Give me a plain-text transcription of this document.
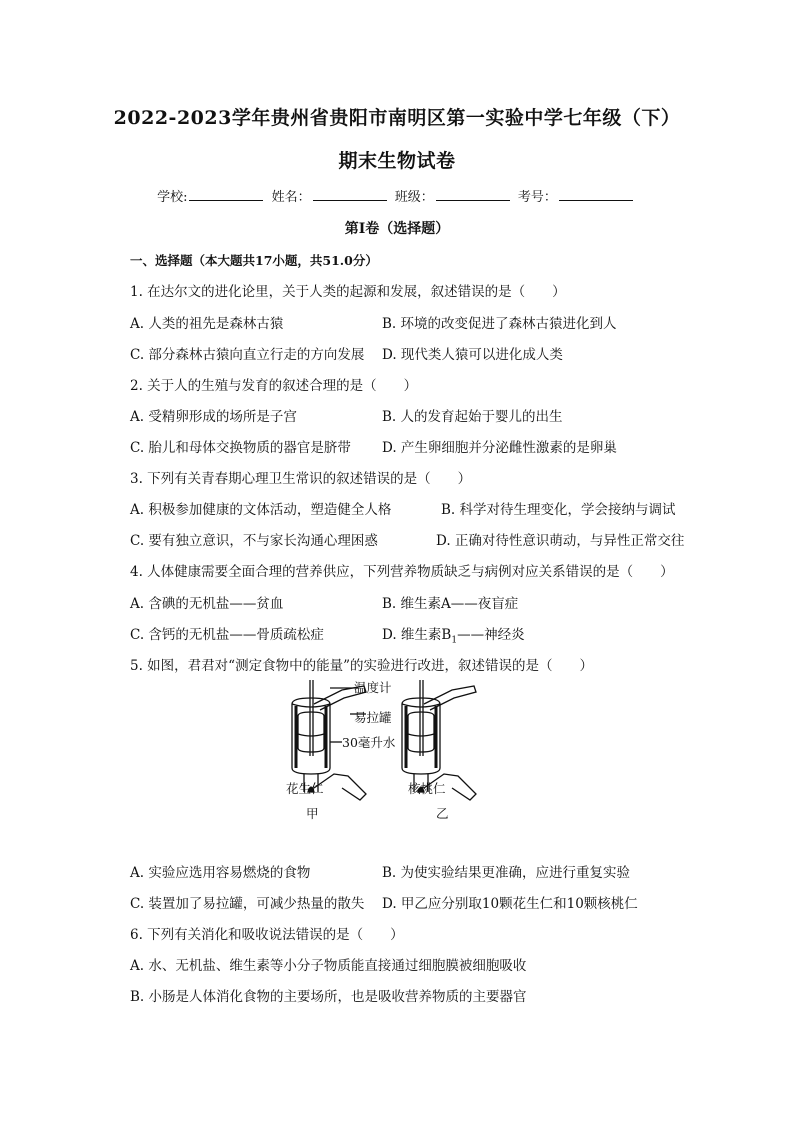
2022-2023学年贵州省贵阳市南明区第一实验中学七年级（下）
期末生物试卷
学校:	姓名：	班级：	考号：
第Ⅰ卷（选择题）
一、选择题（本大题共17小题，共51.0分）
1. 在达尔文的进化论里，关于人类的起源和发展，叙述错误的是（　　）
A. 人类的祖先是森林古猿	B. 环境的改变促进了森林古猿进化到人
C. 部分森林古猿向直立行走的方向发展 D. 现代类人猿可以进化成人类
2. 关于人的生殖与发育的叙述合理的是（　　）
A. 受精卵形成的场所是子宫	B. 人的发育起始于婴儿的出生
C. 胎儿和母体交换物质的器官是脐带 D. 产生卵细胞并分泌雌性激素的是卵巢
3. 下列有关青春期心理卫生常识的叙述错误的是（　　）
A. 积极参加健康的文体活动，塑造健全人格	B. 科学对待生理变化，学会接纳与调试
C. 要有独立意识，不与家长沟通心理困惑	D. 正确对待性意识萌动，与异性正常交往
4. 人体健康需要全面合理的营养供应，下列营养物质缺乏与病例对应关系错误的是（　　）
A. 含碘的无机盐——贫血	B. 维生素A——夜盲症
C. 含钙的无机盐——骨质疏松症	D. 维生素$B_1——$神经炎
5. 如图，君君对“测定食物中的能量”的实验进行改进，叙述错误的是（　　）
温度计
易拉罐
30毫升水
花生仁	核桃仁
甲	乙
A. 实验应选用容易燃烧的食物	B. 为使实验结果更准确，应进行重复实验
C. 装置加了易拉罐，可减少热量的散失 D. 甲乙应分别取10颗花生仁和10颗核桃仁
6. 下列有关消化和吸收说法错误的是（　　）
A. 水、无机盐、维生素等小分子物质能直接通过细胞膜被细胞吸收
B. 小肠是人体消化食物的主要场所，也是吸收营养物质的主要器官
